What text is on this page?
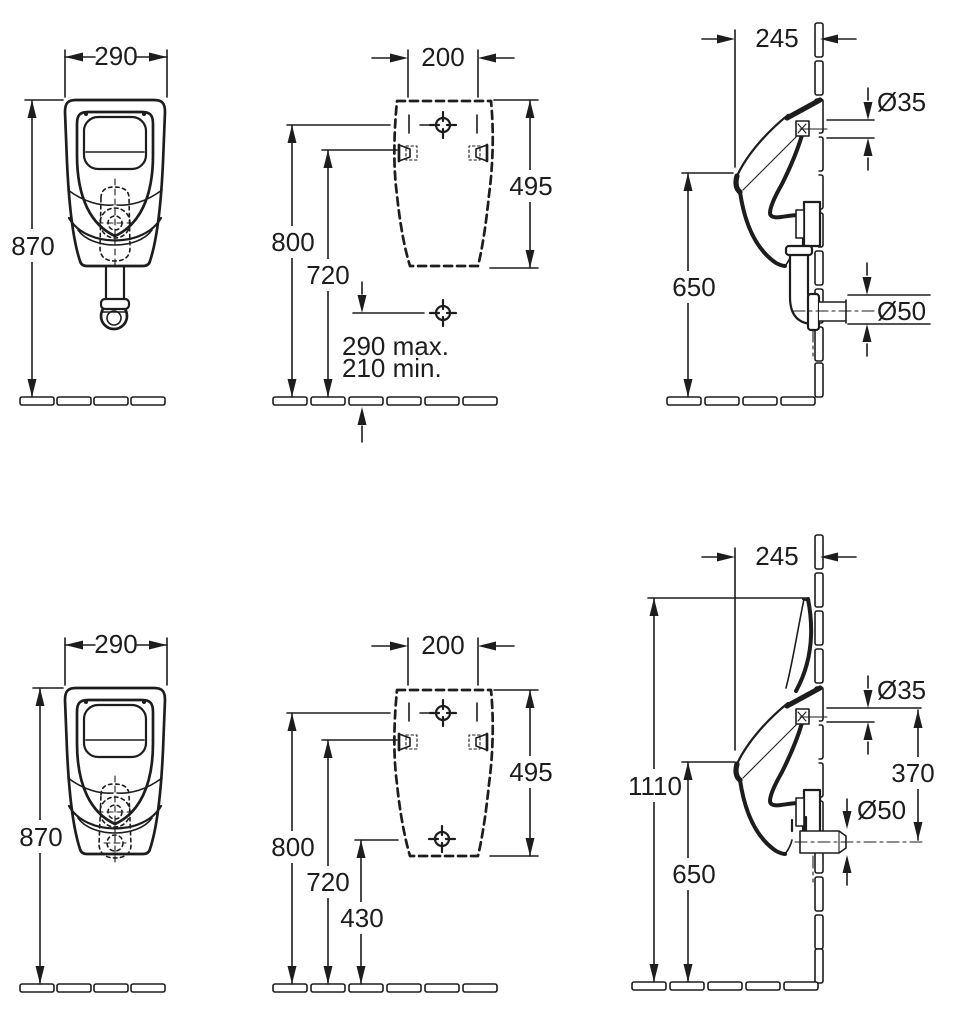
290
870
200
495
800
720
290 max.
210 min.
245
Ø35
650
Ø50
290
870
200
495
800
720
430
245
1110
Ø35
370
Ø50
650
